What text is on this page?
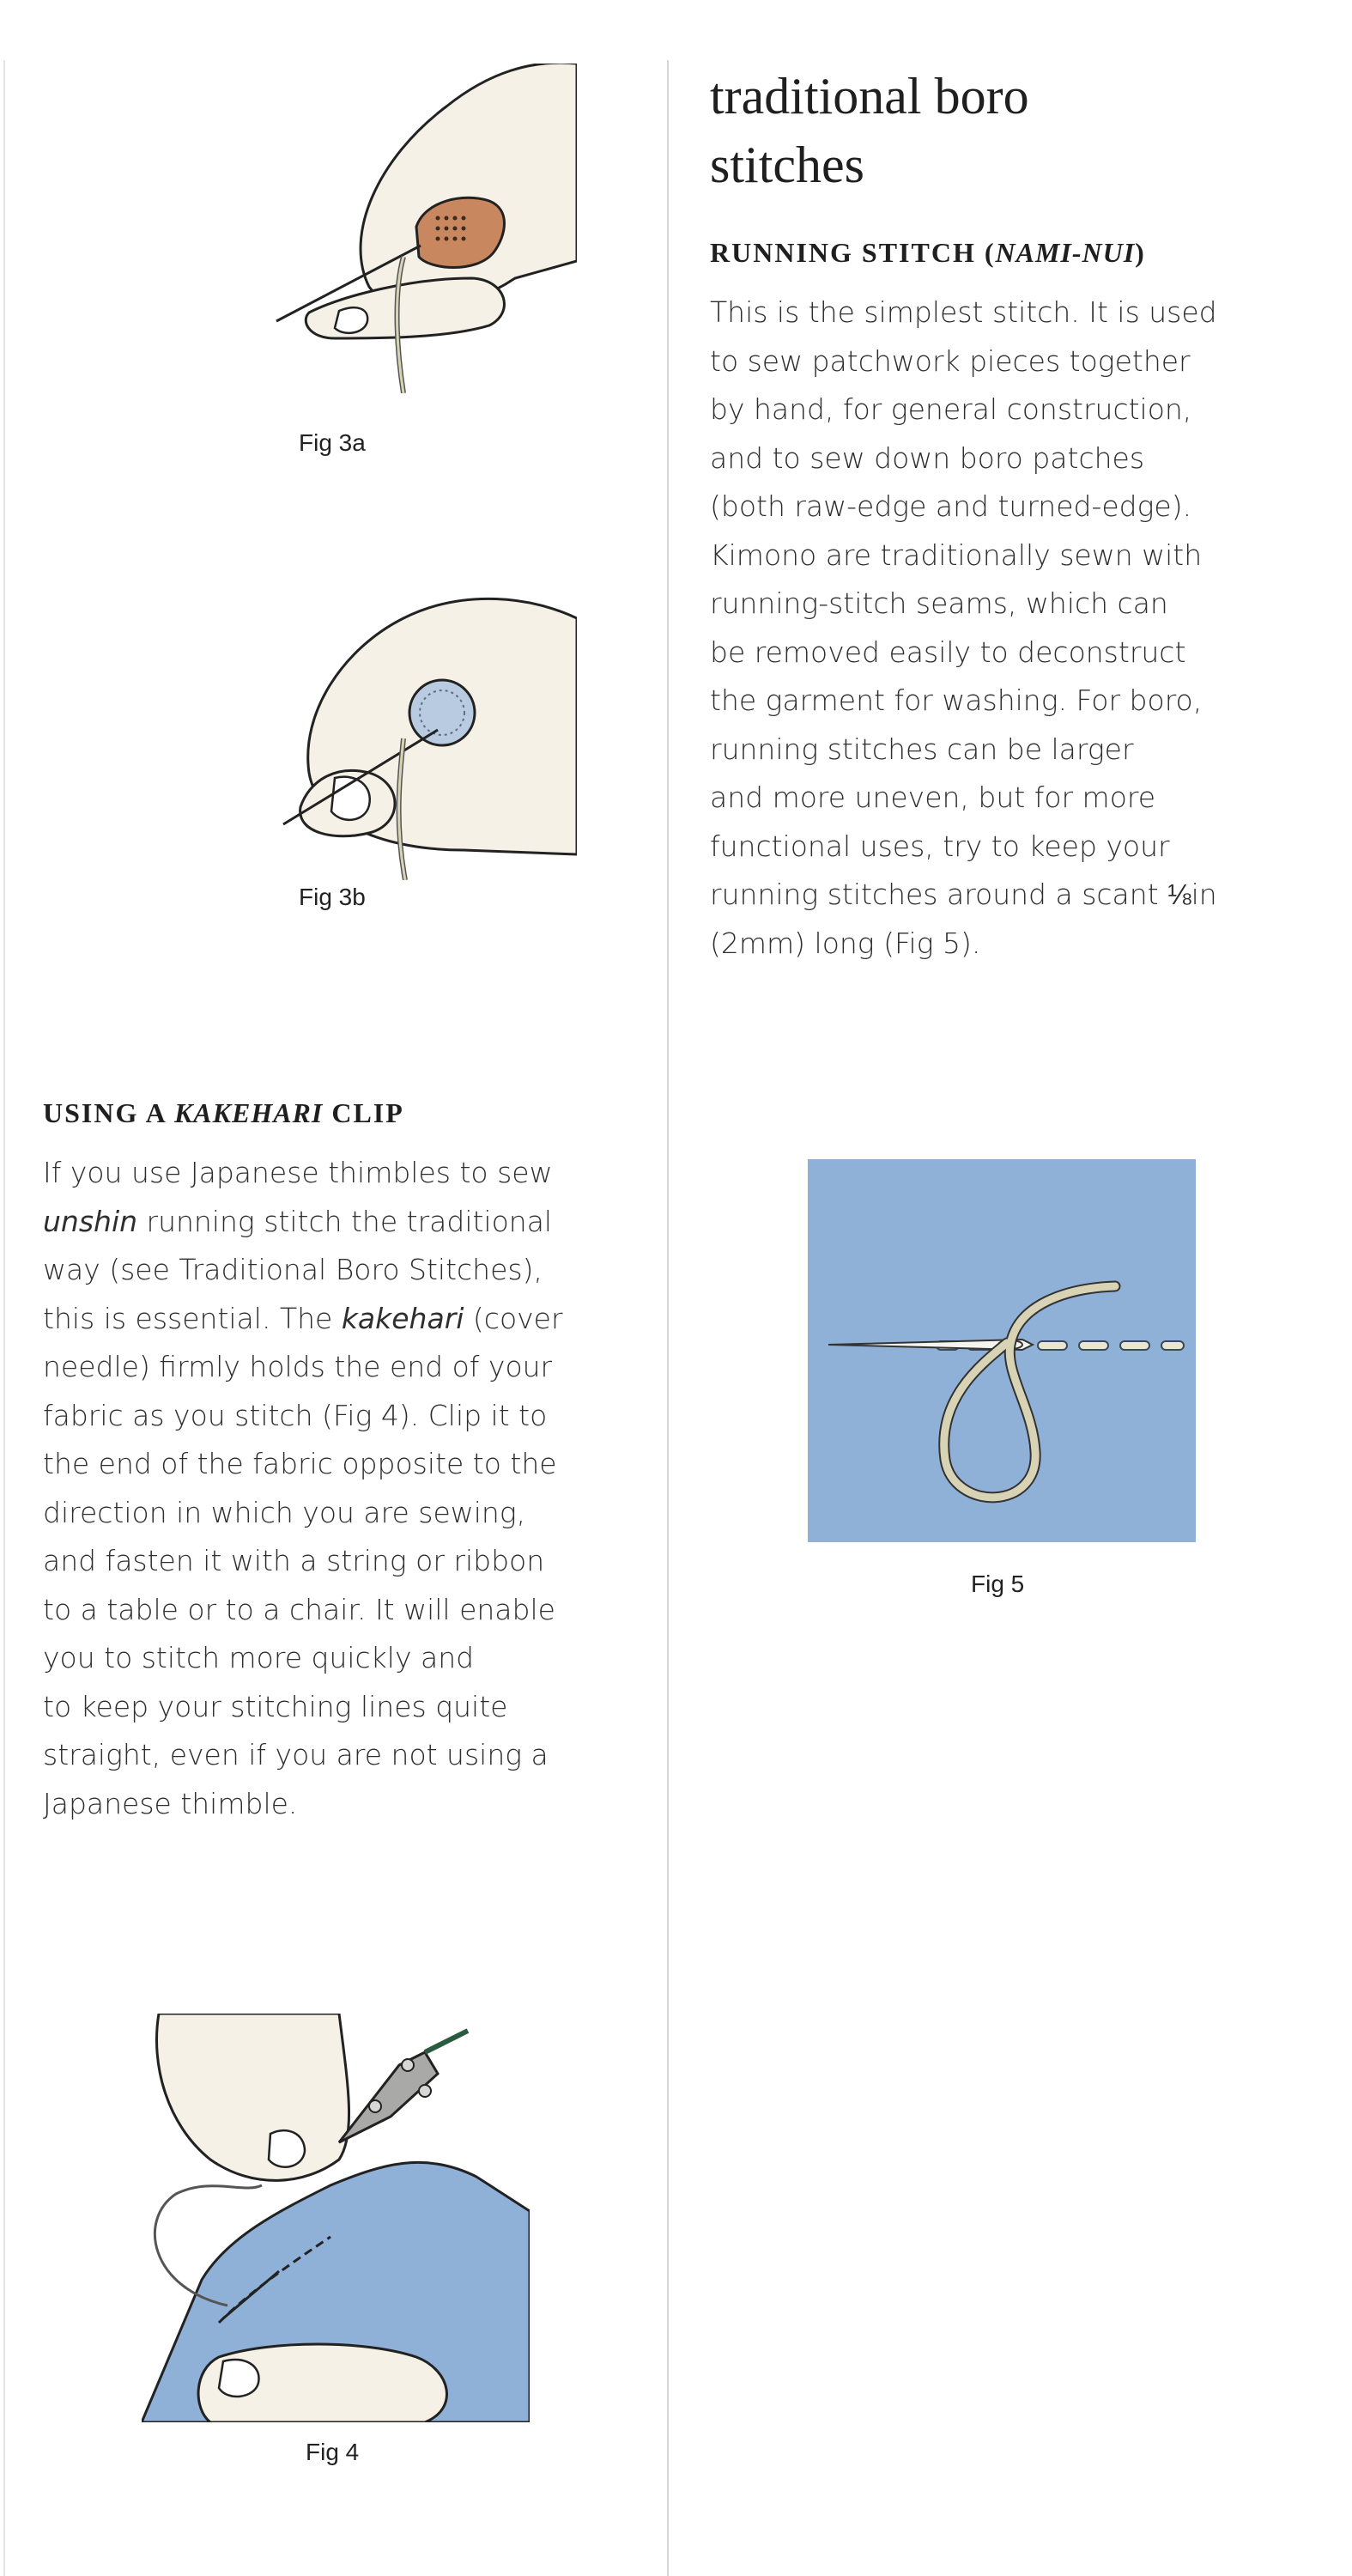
traditional boro
stitches
RUNNING STITCH (NAMI-NUI)
This is the simplest stitch. It is used
to sew patchwork pieces together
by hand, for general construction,
and to sew down boro patches
(both raw-edge and turned-edge).
Kimono are traditionally sewn with
running-stitch seams, which can
be removed easily to deconstruct
the garment for washing. For boro,
running stitches can be larger
and more uneven, but for more
functional uses, try to keep your
running stitches around a scant ⅛in
(2mm) long (Fig 5).
Fig 5
Fig 3a
Fig 3b
USING A KAKEHARI CLIP
If you use Japanese thimbles to sew
unshin running stitch the traditional
way (see Traditional Boro Stitches),
this is essential. The kakehari (cover
needle) firmly holds the end of your
fabric as you stitch (Fig 4). Clip it to
the end of the fabric opposite to the
direction in which you are sewing,
and fasten it with a string or ribbon
to a table or to a chair. It will enable
you to stitch more quickly and
to keep your stitching lines quite
straight, even if you are not using a
Japanese thimble.
Fig 4
